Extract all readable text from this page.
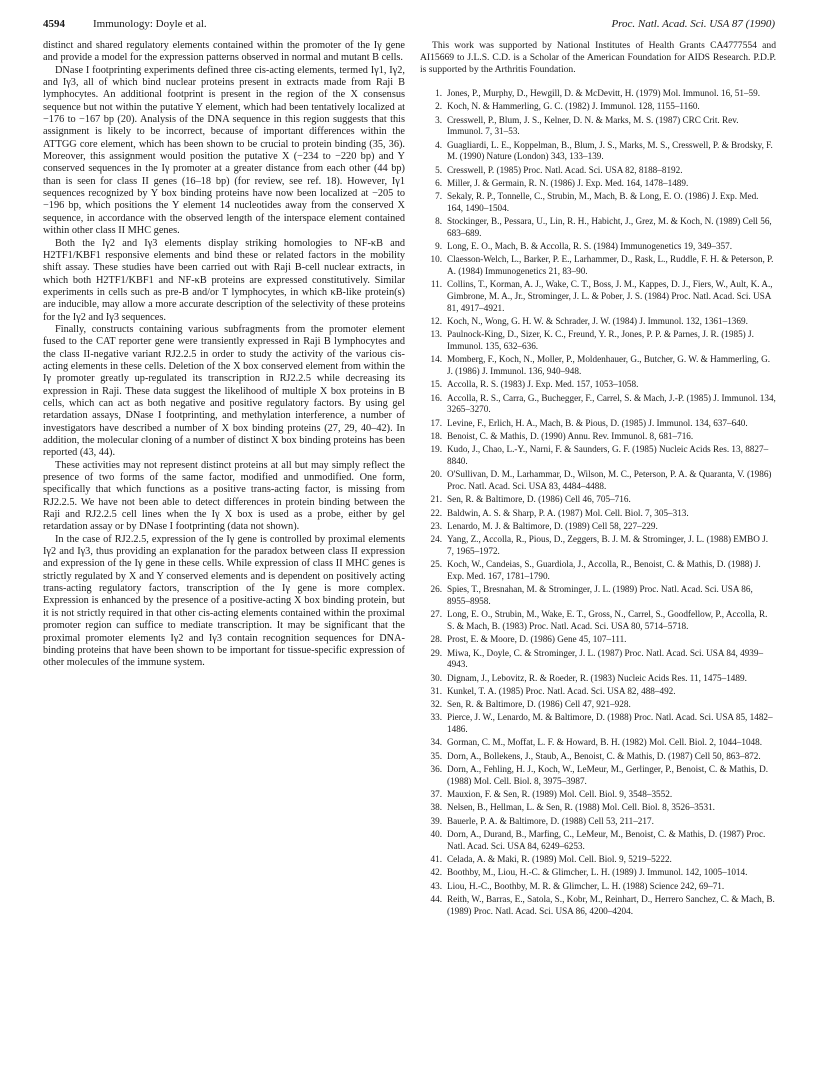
4594	Immunology: Doyle et al.	Proc. Natl. Acad. Sci. USA 87 (1990)

distinct and shared regulatory elements contained within the promoter of the Iγ gene and provide a model for the expression patterns observed in normal and mutant B cells.

DNase I footprinting experiments defined three cis-acting elements, termed Iγ1, Iγ2, and Iγ3, all of which bind nuclear proteins present in extracts made from Raji B lymphocytes. An additional footprint is present in the region of the X consensus sequence but not within the putative Y element, which had been tentatively localized at −176 to −167 bp (20). Analysis of the DNA sequence in this region suggests that this assignment is likely to be incorrect, because of important differences within the ATTGG core element, which has been shown to be crucial to protein binding (35, 36). Moreover, this assignment would position the putative X (−234 to −220 bp) and Y conserved sequences in the Iγ promoter at a greater distance from each other (44 bp) than is seen for class II genes (16–18 bp) (for review, see ref. 18). However, Iγ1 sequences recognized by Y box binding proteins have now been localized at −205 to −196 bp, which positions the Y element 14 nucleotides away from the conserved X sequence, in accordance with the observed length of the interspace element contained within other class II MHC genes.

Both the Iγ2 and Iγ3 elements display striking homologies to NF-κB and H2TF1/KBF1 responsive elements and bind these or related factors in the mobility shift assay. These studies have been carried out with Raji B-cell nuclear extracts, in which both H2TF1/KBF1 and NF-κB proteins are expressed constitutively. Similar experiments in cells such as pre-B and/or T lymphocytes, in which κB-like protein(s) are inducible, may allow a more accurate description of the selectivity of these proteins for the Iγ2 and Iγ3 sequences.

Finally, constructs containing various subfragments from the promoter element fused to the CAT reporter gene were transiently expressed in Raji B lymphocytes and the class II-negative variant RJ2.2.5 in order to study the activity of the various cis-acting elements in these cells. Deletion of the X box conserved element from within the Iγ promoter greatly up-regulated its transcription in RJ2.2.5 while decreasing its expression in Raji. These data suggest the likelihood of multiple X box proteins in B cells, which can act as both negative and positive regulatory factors. By using gel retardation assays, DNase I footprinting, and methylation interference, a number of investigators have described a number of X box binding proteins (27, 29, 40–42). In addition, the molecular cloning of a number of distinct X box binding proteins has been reported (43, 44).

These activities may not represent distinct proteins at all but may simply reflect the presence of two forms of the same factor, modified and unmodified. One form, specifically that which functions as a positive trans-acting factor, is missing from RJ2.2.5. We have not been able to detect differences in protein binding between the Raji and RJ2.2.5 cell lines when the Iγ X box is used as a probe, either by gel retardation assay or by DNase I footprinting (data not shown).

In the case of RJ2.2.5, expression of the Iγ gene is controlled by proximal elements Iγ2 and Iγ3, thus providing an explanation for the paradox between class II expression and expression of the Iγ gene in these cells. While expression of class II MHC genes is strictly regulated by X and Y conserved elements and is dependent on positively acting trans-acting regulatory factors, transcription of the Iγ gene is more complex. Expression is enhanced by the presence of a positive-acting X box binding protein, but it is not strictly required in that other cis-acting elements contained within the proximal promoter region can suffice to mediate transcription. It may be significant that the proximal promoter elements Iγ2 and Iγ3 contain recognition sequences for DNA-binding proteins that have been shown to be important for tissue-specific expression of other molecules of the immune system.

This work was supported by National Institutes of Health Grants CA4777554 and AI15669 to J.L.S. C.D. is a Scholar of the American Foundation for AIDS Research. P.D.P. is supported by the Arthritis Foundation.

1. Jones, P., Murphy, D., Hewgill, D. & McDevitt, H. (1979) Mol. Immunol. 16, 51–59.
2. Koch, N. & Hammerling, G. C. (1982) J. Immunol. 128, 1155–1160.
3. Cresswell, P., Blum, J. S., Kelner, D. N. & Marks, M. S. (1987) CRC Crit. Rev. Immunol. 7, 31–53.
4. Guagliardi, L. E., Koppelman, B., Blum, J. S., Marks, M. S., Cresswell, P. & Brodsky, F. M. (1990) Nature (London) 343, 133–139.
5. Cresswell, P. (1985) Proc. Natl. Acad. Sci. USA 82, 8188–8192.
6. Miller, J. & Germain, R. N. (1986) J. Exp. Med. 164, 1478–1489.
7. Sekaly, R. P., Tonnelle, C., Strubin, M., Mach, B. & Long, E. O. (1986) J. Exp. Med. 164, 1490–1504.
8. Stockinger, B., Pessara, U., Lin, R. H., Habicht, J., Grez, M. & Koch, N. (1989) Cell 56, 683–689.
9. Long, E. O., Mach, B. & Accolla, R. S. (1984) Immunogenetics 19, 349–357.
10. Claesson-Welch, L., Barker, P. E., Larhammer, D., Rask, L., Ruddle, F. H. & Peterson, P. A. (1984) Immunogenetics 21, 83–90.
11. Collins, T., Korman, A. J., Wake, C. T., Boss, J. M., Kappes, D. J., Fiers, W., Ault, K. A., Gimbrone, M. A., Jr., Strominger, J. L. & Pober, J. S. (1984) Proc. Natl. Acad. Sci. USA 81, 4917–4921.
12. Koch, N., Wong, G. H. W. & Schrader, J. W. (1984) J. Immunol. 132, 1361–1369.
13. Paulnock-King, D., Sizer, K. C., Freund, Y. R., Jones, P. P. & Parnes, J. R. (1985) J. Immunol. 135, 632–636.
14. Momberg, F., Koch, N., Moller, P., Moldenhauer, G., Butcher, G. W. & Hammerling, G. J. (1986) J. Immunol. 136, 940–948.
15. Accolla, R. S. (1983) J. Exp. Med. 157, 1053–1058.
16. Accolla, R. S., Carra, G., Buchegger, F., Carrel, S. & Mach, J.-P. (1985) J. Immunol. 134, 3265–3270.
17. Levine, F., Erlich, H. A., Mach, B. & Pious, D. (1985) J. Immunol. 134, 637–640.
18. Benoist, C. & Mathis, D. (1990) Annu. Rev. Immunol. 8, 681–716.
19. Kudo, J., Chao, L.-Y., Narni, F. & Saunders, G. F. (1985) Nucleic Acids Res. 13, 8827–8840.
20. O'Sullivan, D. M., Larhammar, D., Wilson, M. C., Peterson, P. A. & Quaranta, V. (1986) Proc. Natl. Acad. Sci. USA 83, 4484–4488.
21. Sen, R. & Baltimore, D. (1986) Cell 46, 705–716.
22. Baldwin, A. S. & Sharp, P. A. (1987) Mol. Cell. Biol. 7, 305–313.
23. Lenardo, M. J. & Baltimore, D. (1989) Cell 58, 227–229.
24. Yang, Z., Accolla, R., Pious, D., Zeggers, B. J. M. & Strominger, J. L. (1988) EMBO J. 7, 1965–1972.
25. Koch, W., Candeias, S., Guardiola, J., Accolla, R., Benoist, C. & Mathis, D. (1988) J. Exp. Med. 167, 1781–1790.
26. Spies, T., Bresnahan, M. & Strominger, J. L. (1989) Proc. Natl. Acad. Sci. USA 86, 8955–8958.
27. Long, E. O., Strubin, M., Wake, E. T., Gross, N., Carrel, S., Goodfellow, P., Accolla, R. S. & Mach, B. (1983) Proc. Natl. Acad. Sci. USA 80, 5714–5718.
28. Prost, E. & Moore, D. (1986) Gene 45, 107–111.
29. Miwa, K., Doyle, C. & Strominger, J. L. (1987) Proc. Natl. Acad. Sci. USA 84, 4939–4943.
30. Dignam, J., Lebovitz, R. & Roeder, R. (1983) Nucleic Acids Res. 11, 1475–1489.
31. Kunkel, T. A. (1985) Proc. Natl. Acad. Sci. USA 82, 488–492.
32. Sen, R. & Baltimore, D. (1986) Cell 47, 921–928.
33. Pierce, J. W., Lenardo, M. & Baltimore, D. (1988) Proc. Natl. Acad. Sci. USA 85, 1482–1486.
34. Gorman, C. M., Moffat, L. F. & Howard, B. H. (1982) Mol. Cell. Biol. 2, 1044–1048.
35. Dorn, A., Bollekens, J., Staub, A., Benoist, C. & Mathis, D. (1987) Cell 50, 863–872.
36. Dorn, A., Fehling, H. J., Koch, W., LeMeur, M., Gerlinger, P., Benoist, C. & Mathis, D. (1988) Mol. Cell. Biol. 8, 3975–3987.
37. Mauxion, F. & Sen, R. (1989) Mol. Cell. Biol. 9, 3548–3552.
38. Nelsen, B., Hellman, L. & Sen, R. (1988) Mol. Cell. Biol. 8, 3526–3531.
39. Bauerle, P. A. & Baltimore, D. (1988) Cell 53, 211–217.
40. Dorn, A., Durand, B., Marfing, C., LeMeur, M., Benoist, C. & Mathis, D. (1987) Proc. Natl. Acad. Sci. USA 84, 6249–6253.
41. Celada, A. & Maki, R. (1989) Mol. Cell. Biol. 9, 5219–5222.
42. Boothby, M., Liou, H.-C. & Glimcher, L. H. (1989) J. Immunol. 142, 1005–1014.
43. Liou, H.-C., Boothby, M. R. & Glimcher, L. H. (1988) Science 242, 69–71.
44. Reith, W., Barras, E., Satola, S., Kobr, M., Reinhart, D., Herrero Sanchez, C. & Mach, B. (1989) Proc. Natl. Acad. Sci. USA 86, 4200–4204.
